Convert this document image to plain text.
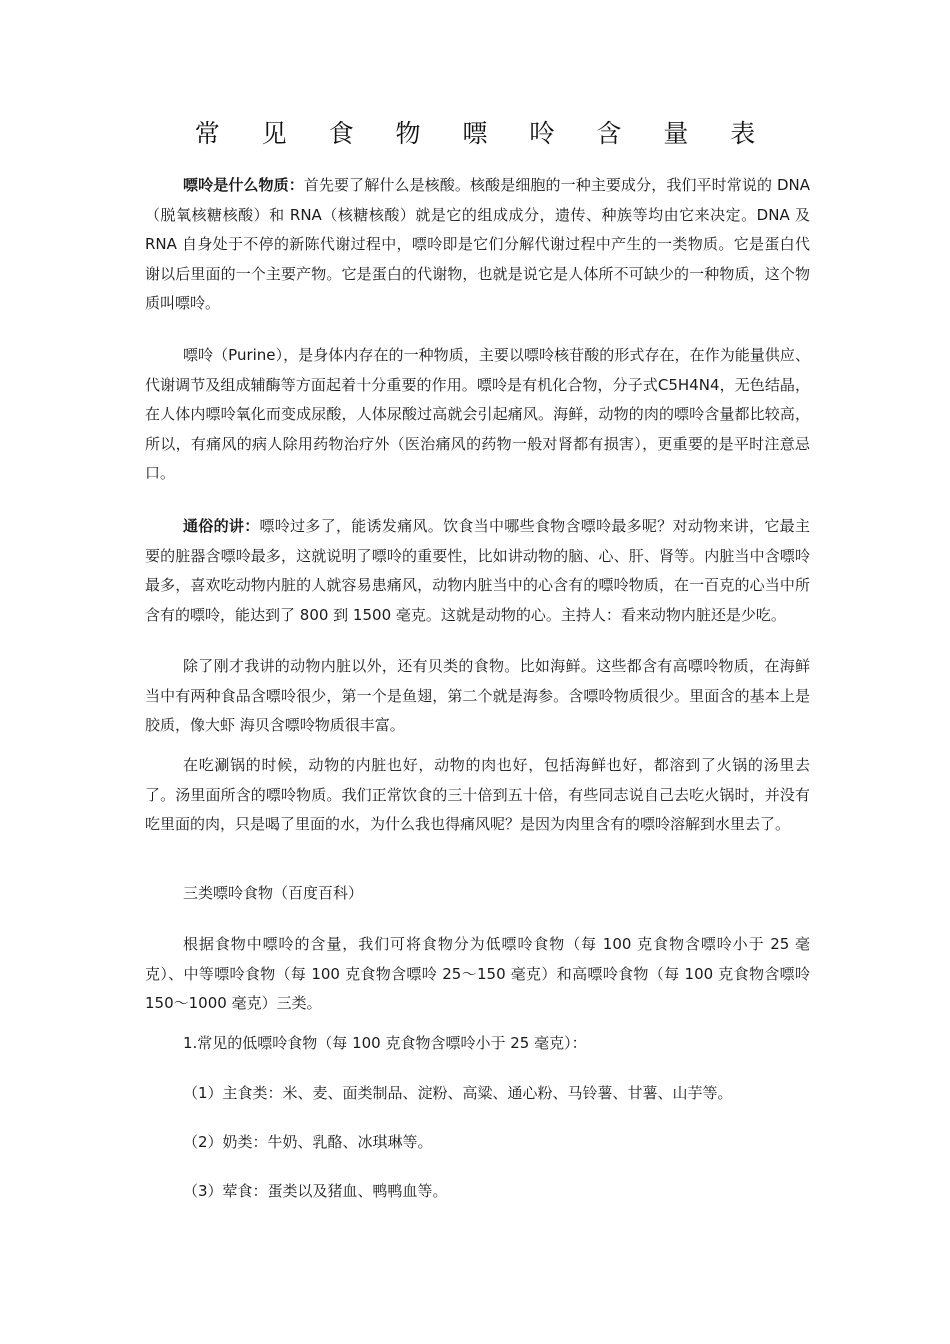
常 见 食 物 嘌 呤 含 量 表

嘌呤是什么物质：首先要了解什么是核酸。核酸是细胞的一种主要成分，我们平时常说的 DNA（脱氧核糖核酸）和 RNA（核糖核酸）就是它的组成成分，遗传、种族等均由它来决定。DNA 及 RNA 自身处于不停的新陈代谢过程中，嘌呤即是它们分解代谢过程中产生的一类物质。它是蛋白代谢以后里面的一个主要产物。它是蛋白的代谢物，也就是说它是人体所不可缺少的一种物质，这个物质叫嘌呤。

嘌呤（Purine），是身体内存在的一种物质，主要以嘌呤核苷酸的形式存在，在作为能量供应、代谢调节及组成辅酶等方面起着十分重要的作用。嘌呤是有机化合物，分子式C5H4N4，无色结晶，在人体内嘌呤氧化而变成尿酸，人体尿酸过高就会引起痛风。海鲜，动物的肉的嘌呤含量都比较高，所以，有痛风的病人除用药物治疗外（医治痛风的药物一般对肾都有损害），更重要的是平时注意忌口。

通俗的讲：嘌呤过多了，能诱发痛风。饮食当中哪些食物含嘌呤最多呢？对动物来讲，它最主要的脏器含嘌呤最多，这就说明了嘌呤的重要性，比如讲动物的脑、心、肝、肾等。内脏当中含嘌呤最多，喜欢吃动物内脏的人就容易患痛风，动物内脏当中的心含有的嘌呤物质，在一百克的心当中所含有的嘌呤，能达到了 800 到 1500 毫克。这就是动物的心。主持人：看来动物内脏还是少吃。

除了刚才我讲的动物内脏以外，还有贝类的食物。比如海鲜。这些都含有高嘌呤物质，在海鲜当中有两种食品含嘌呤很少，第一个是鱼翅，第二个就是海参。含嘌呤物质很少。里面含的基本上是胶质，像大虾 海贝含嘌呤物质很丰富。

在吃涮锅的时候，动物的内脏也好，动物的肉也好，包括海鲜也好，都溶到了火锅的汤里去了。汤里面所含的嘌呤物质。我们正常饮食的三十倍到五十倍，有些同志说自己去吃火锅时，并没有吃里面的肉，只是喝了里面的水，为什么我也得痛风呢？是因为肉里含有的嘌呤溶解到水里去了。

三类嘌呤食物（百度百科）

根据食物中嘌呤的含量，我们可将食物分为低嘌呤食物（每 100 克食物含嘌呤小于 25 毫克）、中等嘌呤食物（每 100 克食物含嘌呤 25～150 毫克）和高嘌呤食物（每 100 克食物含嘌呤 150～1000 毫克）三类。

1.常见的低嘌呤食物（每 100 克食物含嘌呤小于 25 毫克）：

（1）主食类：米、麦、面类制品、淀粉、高粱、通心粉、马铃薯、甘薯、山芋等。

（2）奶类：牛奶、乳酪、冰琪琳等。

（3）荤食：蛋类以及猪血、鸭鸭血等。
